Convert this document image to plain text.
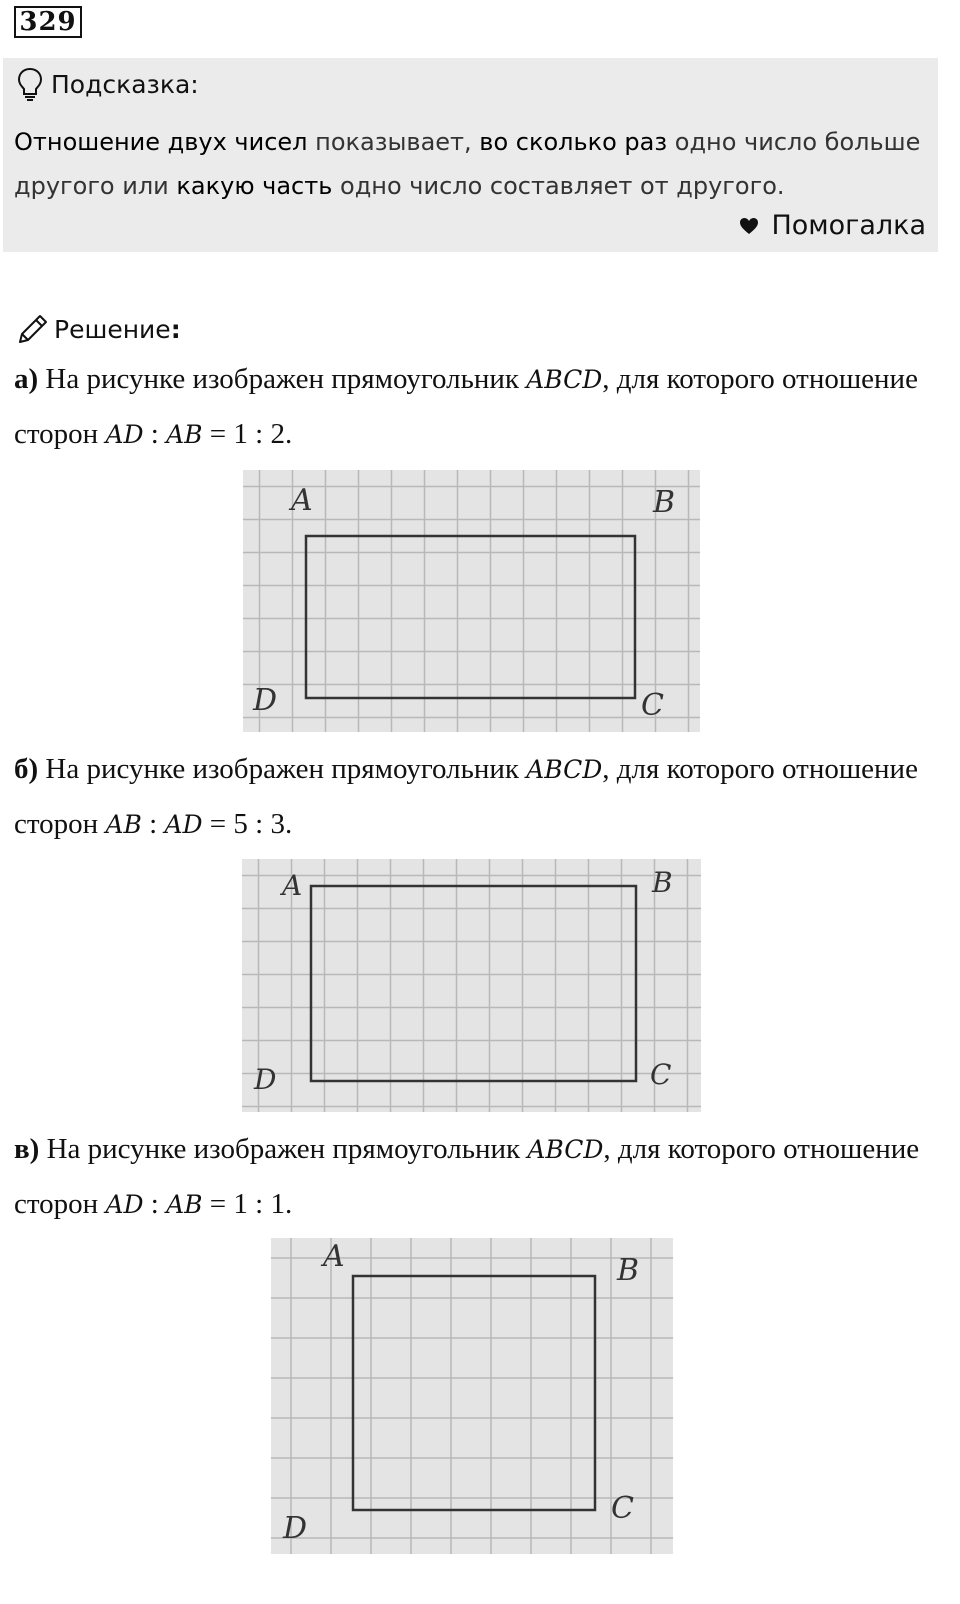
329
Подсказка:
Отношение двух чисел показывает, во сколько раз одно число больше другого или какую часть одно число составляет от другого.
Помогалка
Решение :
а) На рисунке изображен прямоугольник ABCD, для которого отношение сторон AD : AB = 1 : 2.
A	B
C
D
б) На рисунке изображен прямоугольник ABCD, для которого отношение сторон AB : AD = 5 : 3.
A	B
C
D
в) На рисунке изображен прямоугольник ABCD, для которого отношение сторон AD : AB = 1 : 1.
A	B
C
D
